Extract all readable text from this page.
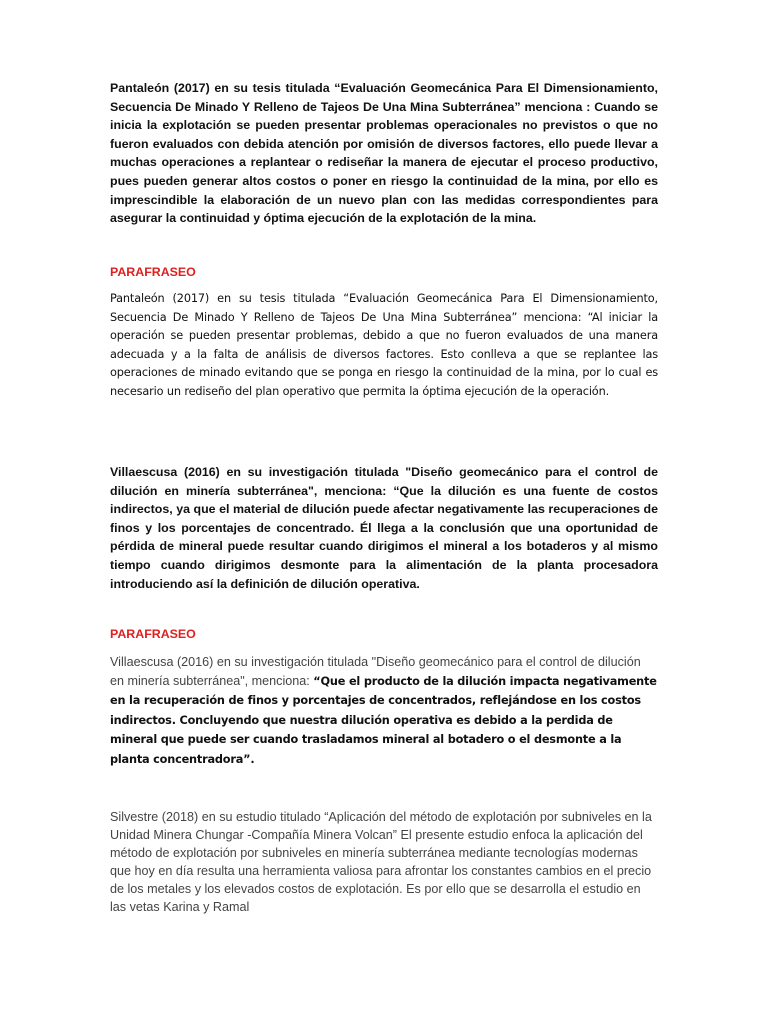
Pantaleón (2017) en su tesis titulada “Evaluación Geomecánica Para El Dimensionamiento, Secuencia De Minado Y Relleno de Tajeos De Una Mina Subterránea” menciona : Cuando se inicia la explotación se pueden presentar problemas operacionales no previstos o que no fueron evaluados con debida atención por omisión de diversos factores, ello puede llevar a muchas operaciones a replantear o rediseñar la manera de ejecutar el proceso productivo, pues pueden generar altos costos o poner en riesgo la continuidad de la mina, por ello es imprescindible la elaboración de un nuevo plan con las medidas correspondientes para asegurar la continuidad y óptima ejecución de la explotación de la mina.

PARAFRASEO

Pantaleón (2017) en su tesis titulada “Evaluación Geomecánica Para El Dimensionamiento, Secuencia De Minado Y Relleno de Tajeos De Una Mina Subterránea” menciona: “Al iniciar la operación se pueden presentar problemas, debido a que no fueron evaluados de una manera adecuada y a la falta de análisis de diversos factores. Esto conlleva a que se replantee las operaciones de minado evitando que se ponga en riesgo la continuidad de la mina, por lo cual es necesario un rediseño del plan operativo que permita la óptima ejecución de la operación.

Villaescusa (2016) en su investigación titulada "Diseño geomecánico para el control de dilución en minería subterránea", menciona: “Que la dilución es una fuente de costos indirectos, ya que el material de dilución puede afectar negativamente las recuperaciones de finos y los porcentajes de concentrado. Él llega a la conclusión que una oportunidad de pérdida de mineral puede resultar cuando dirigimos el mineral a los botaderos y al mismo tiempo cuando dirigimos desmonte para la alimentación de la planta procesadora introduciendo así la definición de dilución operativa.

PARAFRASEO

Villaescusa (2016) en su investigación titulada "Diseño geomecánico para el control de dilución en minería subterránea", menciona: “Que el producto de la dilución impacta negativamente en la recuperación de finos y porcentajes de concentrados, reflejándose en los costos indirectos. Concluyendo que nuestra dilución operativa es debido a la perdida de mineral que puede ser cuando trasladamos mineral al botadero o el desmonte a la planta concentradora”.

Silvestre (2018) en su estudio titulado “Aplicación del método de explotación por subniveles en la Unidad Minera Chungar -Compañía Minera Volcan” El presente estudio enfoca la aplicación del método de explotación por subniveles en minería subterránea mediante tecnologías modernas que hoy en día resulta una herramienta valiosa para afrontar los constantes cambios en el precio de los metales y los elevados costos de explotación. Es por ello que se desarrolla el estudio en las vetas Karina y Ramal
